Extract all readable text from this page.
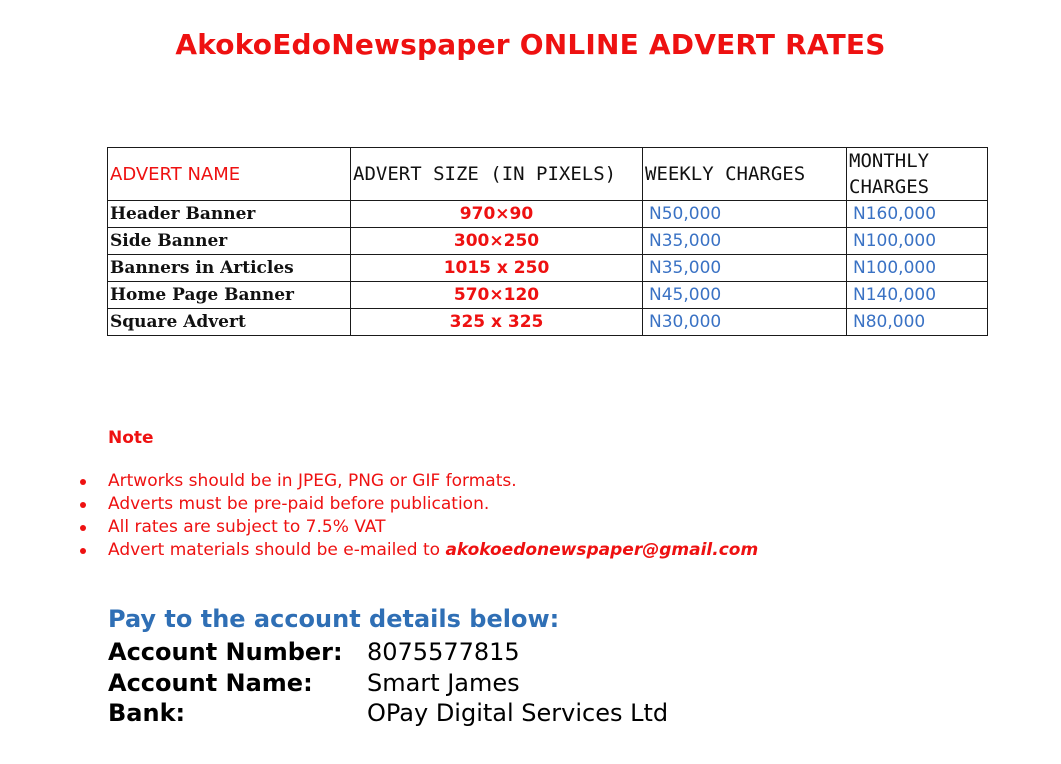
AkokoEdoNewspaper ONLINE ADVERT RATES
ADVERT NAME	ADVERT SIZE (IN PIXELS)	WEEKLY CHARGES	MONTHLY CHARGES
Header Banner	970×90	N50,000	N160,000
Side Banner	300×250	N35,000	N100,000
Banners in Articles	1015 x 250	N35,000	N100,000
Home Page Banner	570×120	N45,000	N140,000
Square Advert	325 x 325	N30,000	N80,000
Note
Artworks should be in JPEG, PNG or GIF formats.
Adverts must be pre-paid before publication.
All rates are subject to 7.5% VAT
Advert materials should be e-mailed to akokoedonewspaper@gmail.com
Pay to the account details below:
Account Number: 8075577815
Account Name: Smart James
Bank:	OPay Digital Services Ltd
